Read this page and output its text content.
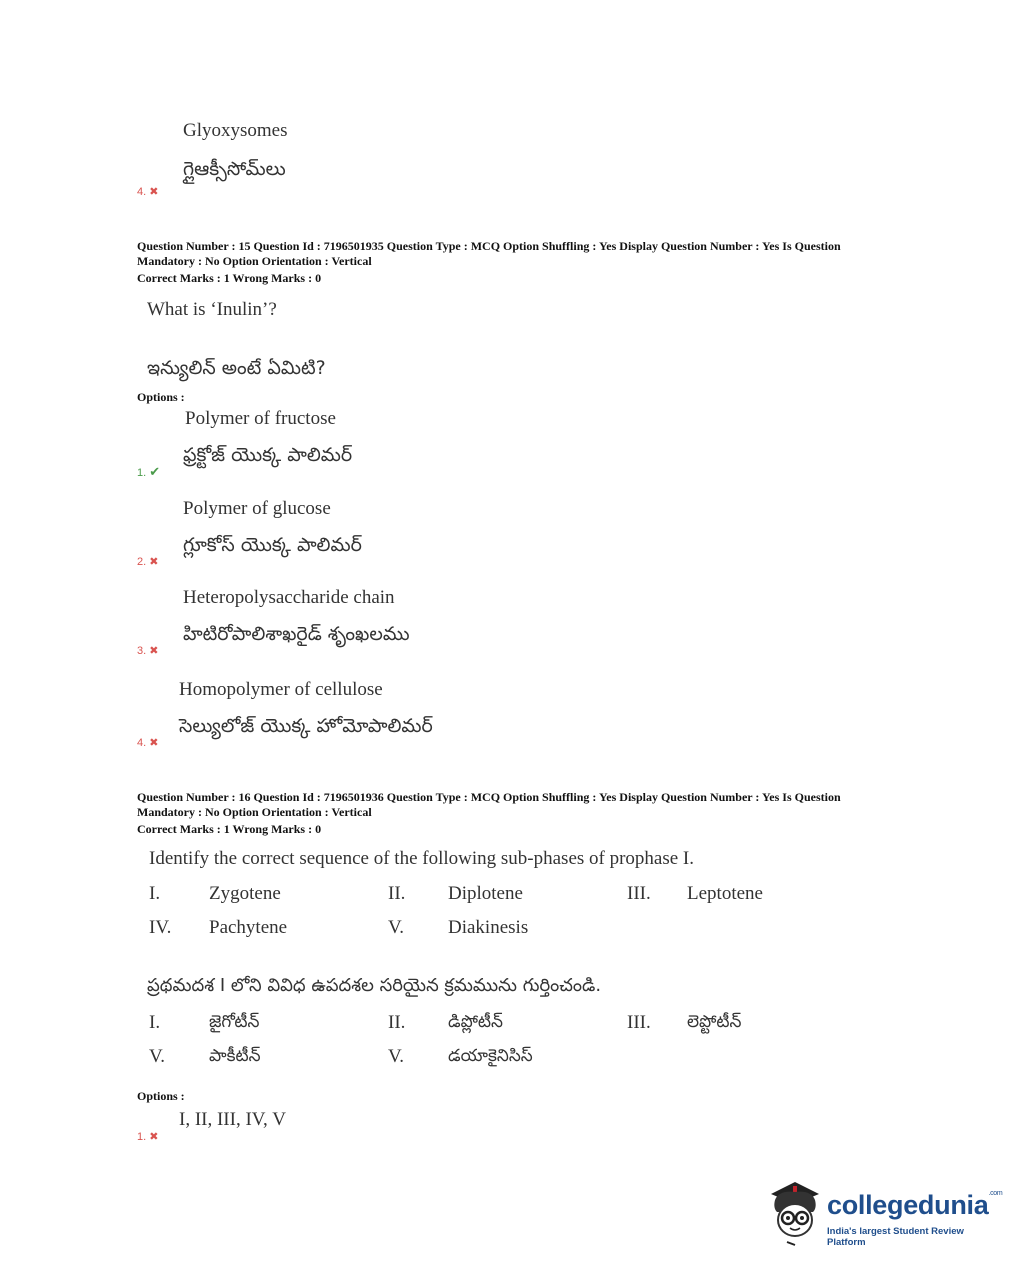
Glyoxysomes
గ్లైఆక్సీసోమ్‌లు
4. ✖
Question Number : 15 Question Id : 7196501935 Question Type : MCQ Option Shuffling : Yes Display Question Number : Yes Is Question
Mandatory : No Option Orientation : Vertical
Correct Marks : 1 Wrong Marks : 0
What is ‘Inulin’?
ఇన్యులిన్ అంటే ఏమిటి?
Options :
Polymer of fructose
ఫ్రక్టోజ్ యొక్క పాలిమర్
1. ✔
Polymer of glucose
గ్లూకోస్ యొక్క పాలిమర్
2. ✖
Heteropolysaccharide chain
హిటిరోపాలిశాఖరైడ్ శృంఖలము
3. ✖
Homopolymer of cellulose
సెల్యులోజ్ యొక్క హోమోపాలిమర్
4. ✖
Question Number : 16 Question Id : 7196501936 Question Type : MCQ Option Shuffling : Yes Display Question Number : Yes Is Question
Mandatory : No Option Orientation : Vertical
Correct Marks : 1 Wrong Marks : 0
Identify the correct sequence of the following sub-phases of prophase I.
I.	Zygotene	II. Diplotene	III. Leptotene
IV. Pachytene	V. Diakinesis
ప్రథమదశ I లోని వివిధ ఉపదశల సరియైన క్రమమును గుర్తించండి.
I.	జైగోటీన్	II.	డిప్లోటీన్	III. లెప్టోటీన్
V.	పాకీటీన్	V.	డయాకైనిసిస్
Options :
I, II, III, IV, V
1. ✖
collegedunia$^{.com}$
India's largest Student Review Platform
